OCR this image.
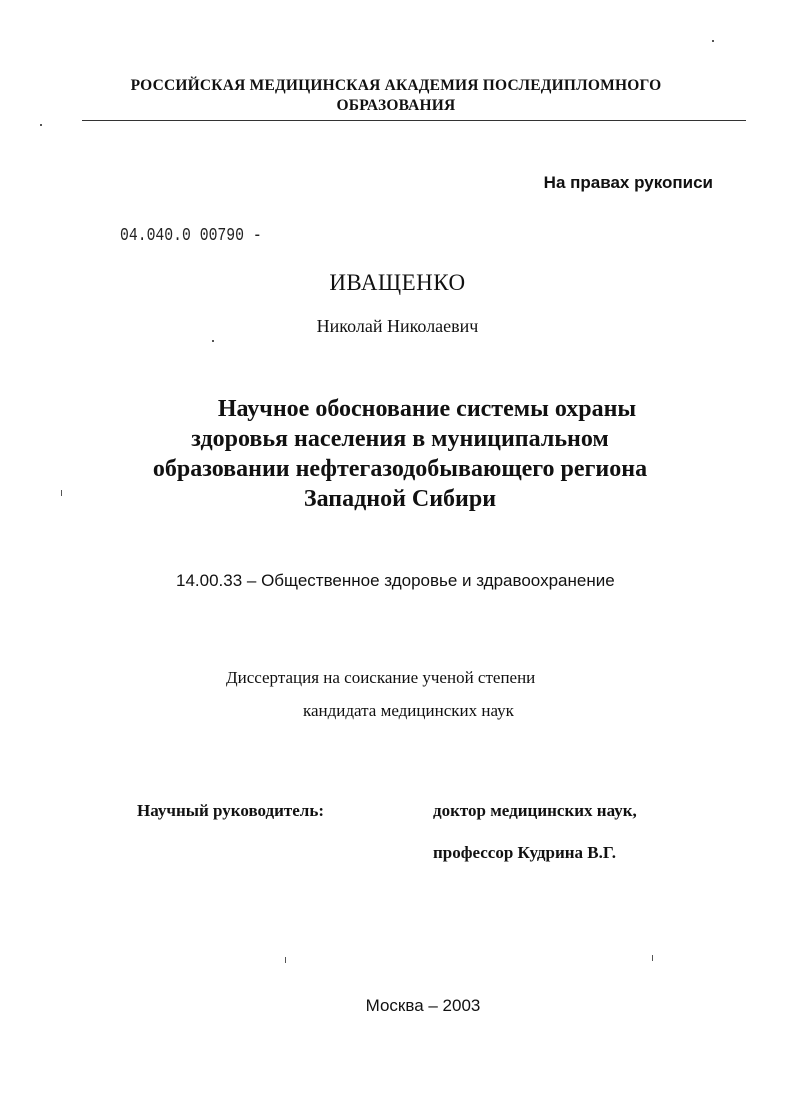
РОССИЙСКАЯ МЕДИЦИНСКАЯ АКАДЕМИЯ ПОСЛЕДИПЛОМНОГО ОБРАЗОВАНИЯ
На правах рукописи
04.040.0 00790 -
ИВАЩЕНКО
Николай Николаевич
Научное обоснование системы охраны
здоровья населения в муниципальном
образовании нефтегазодобывающего региона
Западной Сибири
14.00.33 – Общественное здоровье и здравоохранение
Диссертация на соискание ученой степени
кандидата медицинских наук
Научный руководитель:	доктор медицинских наук,
профессор Кудрина В.Г.
Москва – 2003
